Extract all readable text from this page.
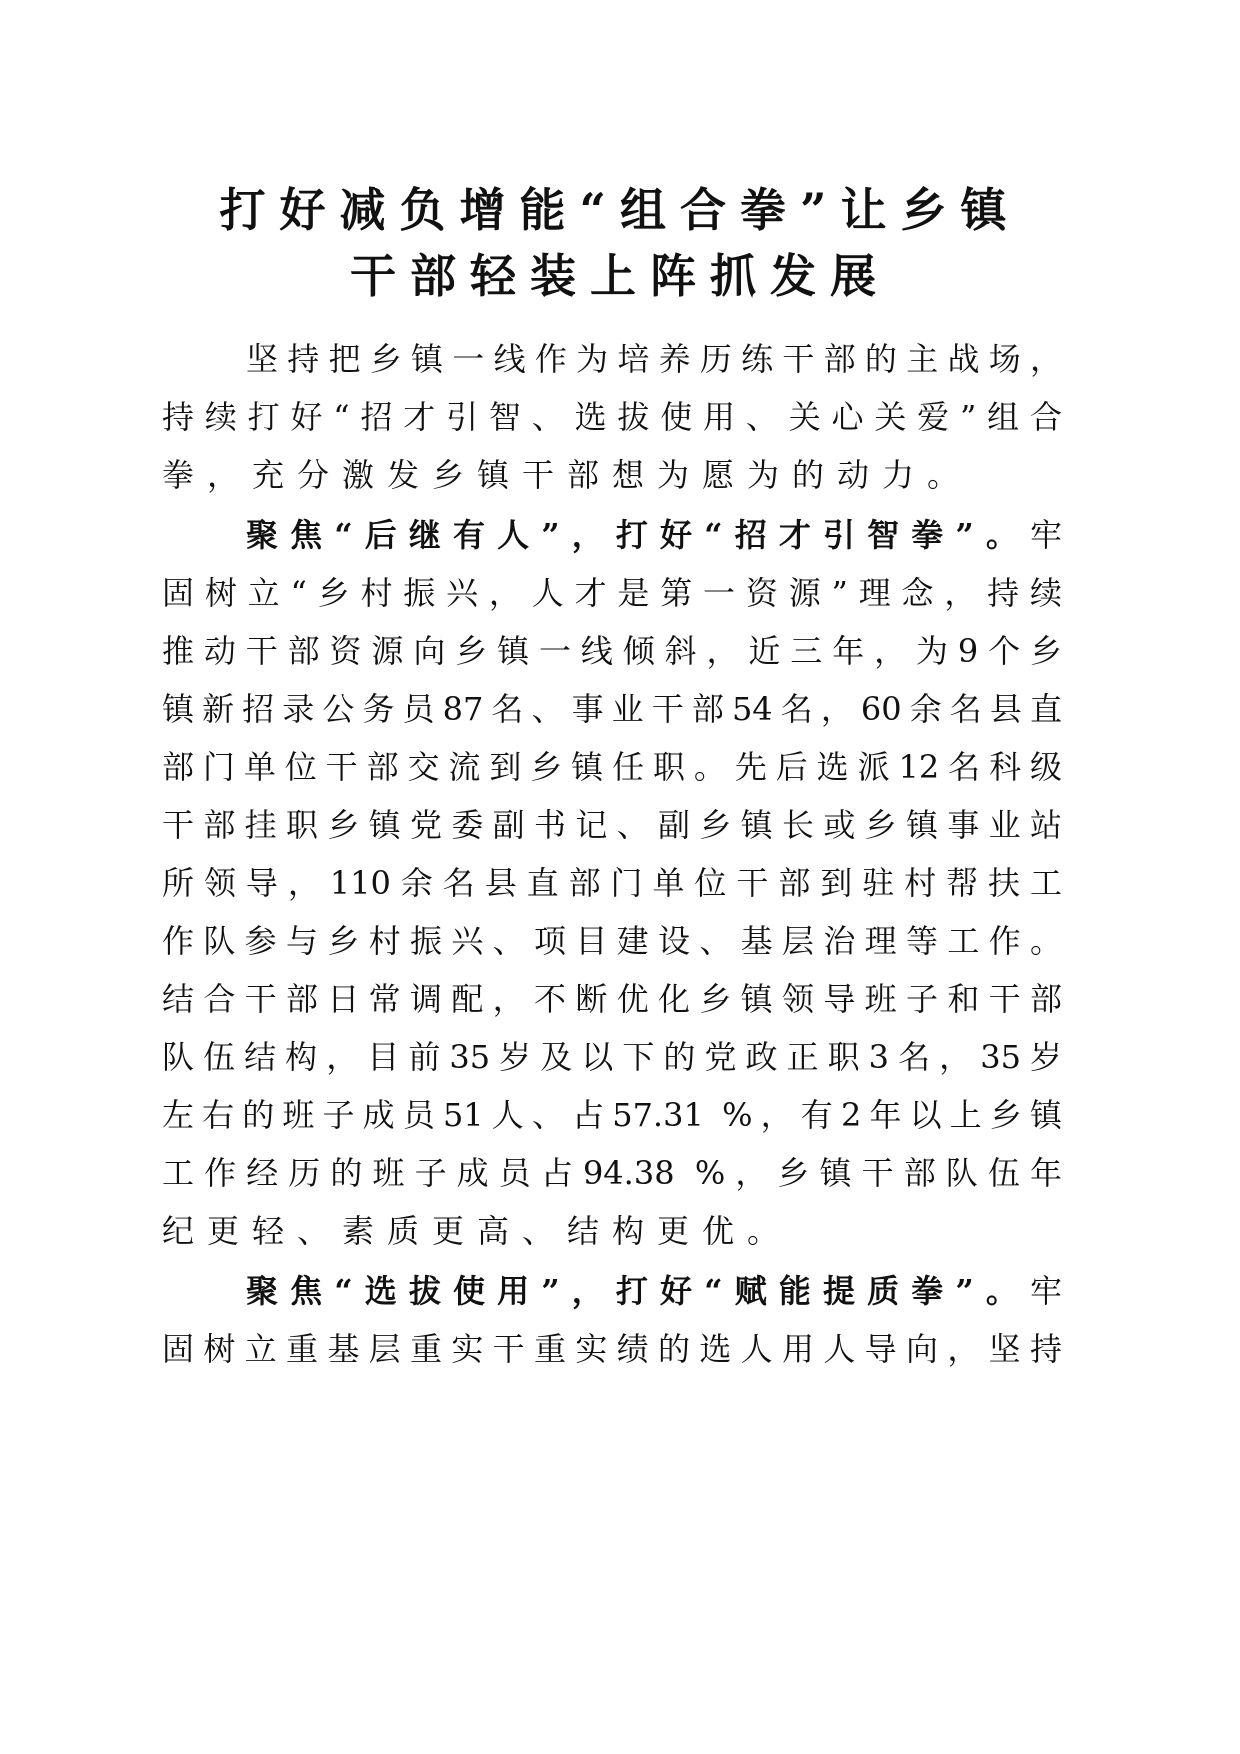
打好减负增能“组合拳”让乡镇
干部轻装上阵抓发展
坚持把乡镇一线作为培养历练干部的主战场，
持续打好“招才引智、选拔使用、关心关爱”组合
拳，充分激发乡镇干部想为愿为的动力。
聚焦“后继有人”，打好“招才引智拳”。牢
固树立“乡村振兴，人才是第一资源”理念，持续
推动干部资源向乡镇一线倾斜，近三年，为9个乡
镇新招录公务员87名、事业干部54名，60余名县直
部门单位干部交流到乡镇任职。先后选派12名科级
干部挂职乡镇党委副书记、副乡镇长或乡镇事业站
所领导，110余名县直部门单位干部到驻村帮扶工
作队参与乡村振兴、项目建设、基层治理等工作。
结合干部日常调配，不断优化乡镇领导班子和干部
队伍结构，目前35岁及以下的党政正职3名，35岁
左右的班子成员51人、占57.31 %，有2年以上乡镇
工作经历的班子成员占94.38 %，乡镇干部队伍年
纪更轻、素质更高、结构更优。
聚焦“选拔使用”，打好“赋能提质拳”。牢
固树立重基层重实干重实绩的选人用人导向，坚持
